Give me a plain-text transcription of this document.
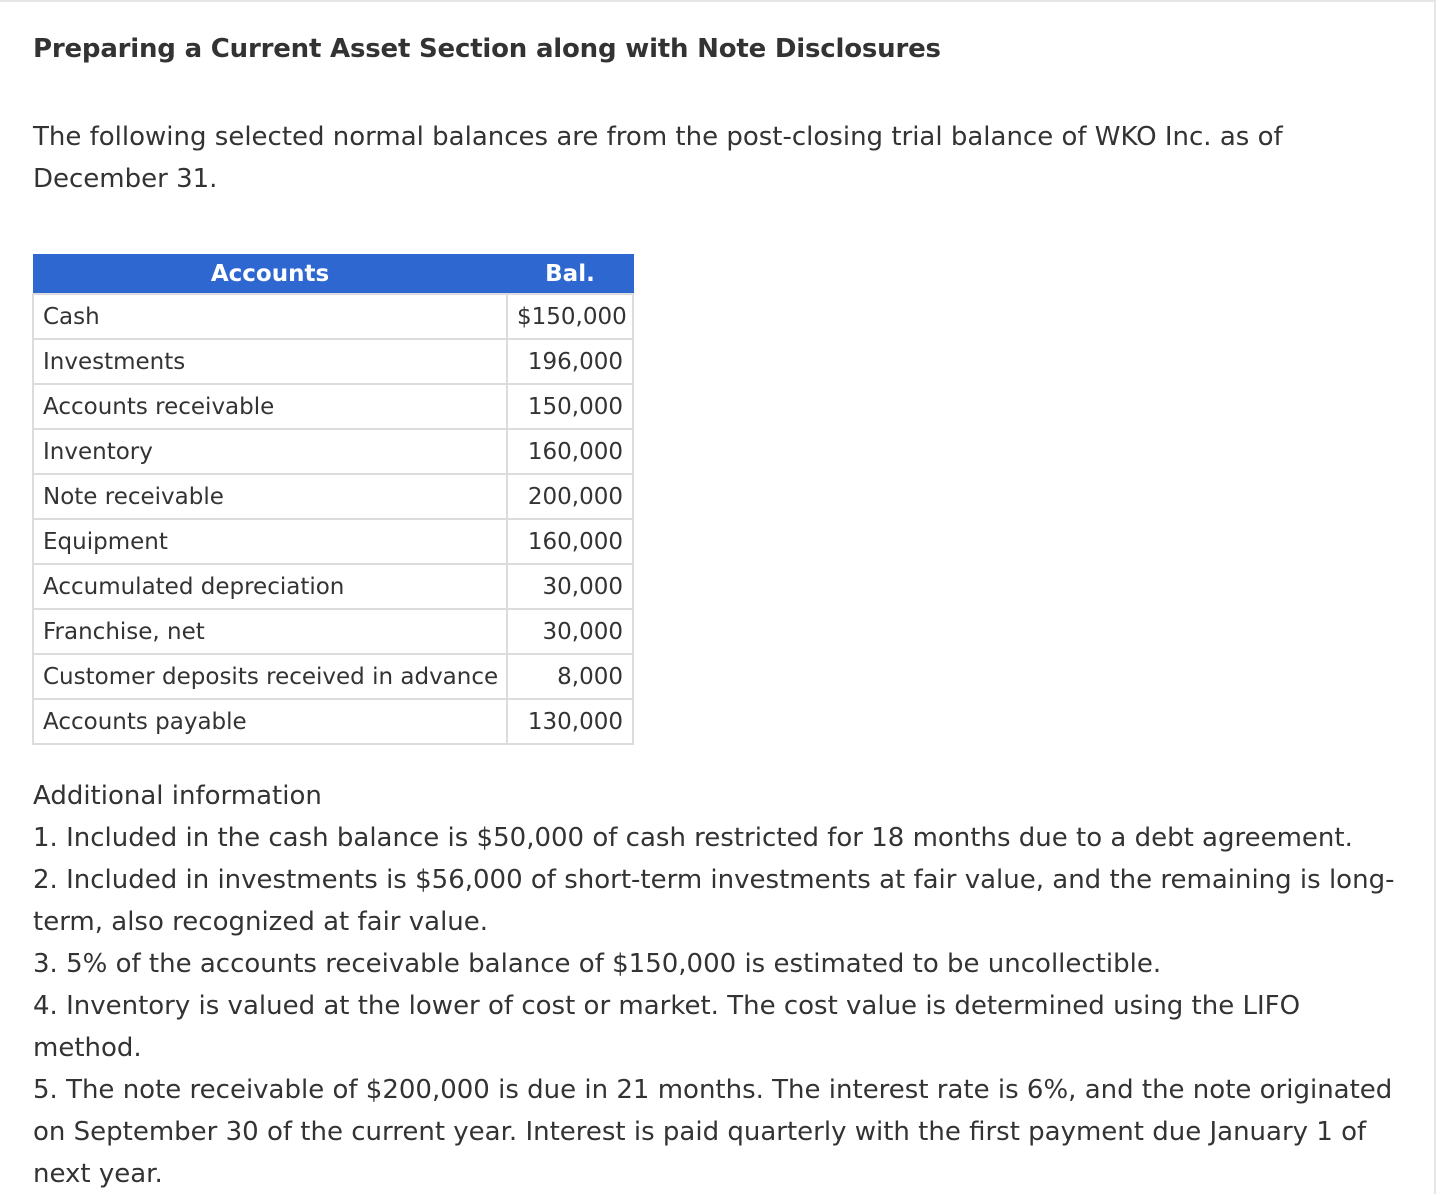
Preparing a Current Asset Section along with Note Disclosures

The following selected normal balances are from the post-closing trial balance of WKO Inc. as of December 31.

Accounts	Bal.
Cash	$150,000
Investments	196,000
Accounts receivable	150,000
Inventory	160,000
Note receivable	200,000
Equipment	160,000
Accumulated depreciation	30,000
Franchise, net	30,000
Customer deposits received in advance	8,000
Accounts payable	130,000

Additional information

1. Included in the cash balance is $50,000 of cash restricted for 18 months due to a debt agreement.

2. Included in investments is $56,000 of short-term investments at fair value, and the remaining is long-term, also recognized at fair value.

3. 5% of the accounts receivable balance of $150,000 is estimated to be uncollectible.

4. Inventory is valued at the lower of cost or market. The cost value is determined using the LIFO method.

5. The note receivable of $200,000 is due in 21 months. The interest rate is 6%, and the note originated on September 30 of the current year. Interest is paid quarterly with the first payment due January 1 of next year.
